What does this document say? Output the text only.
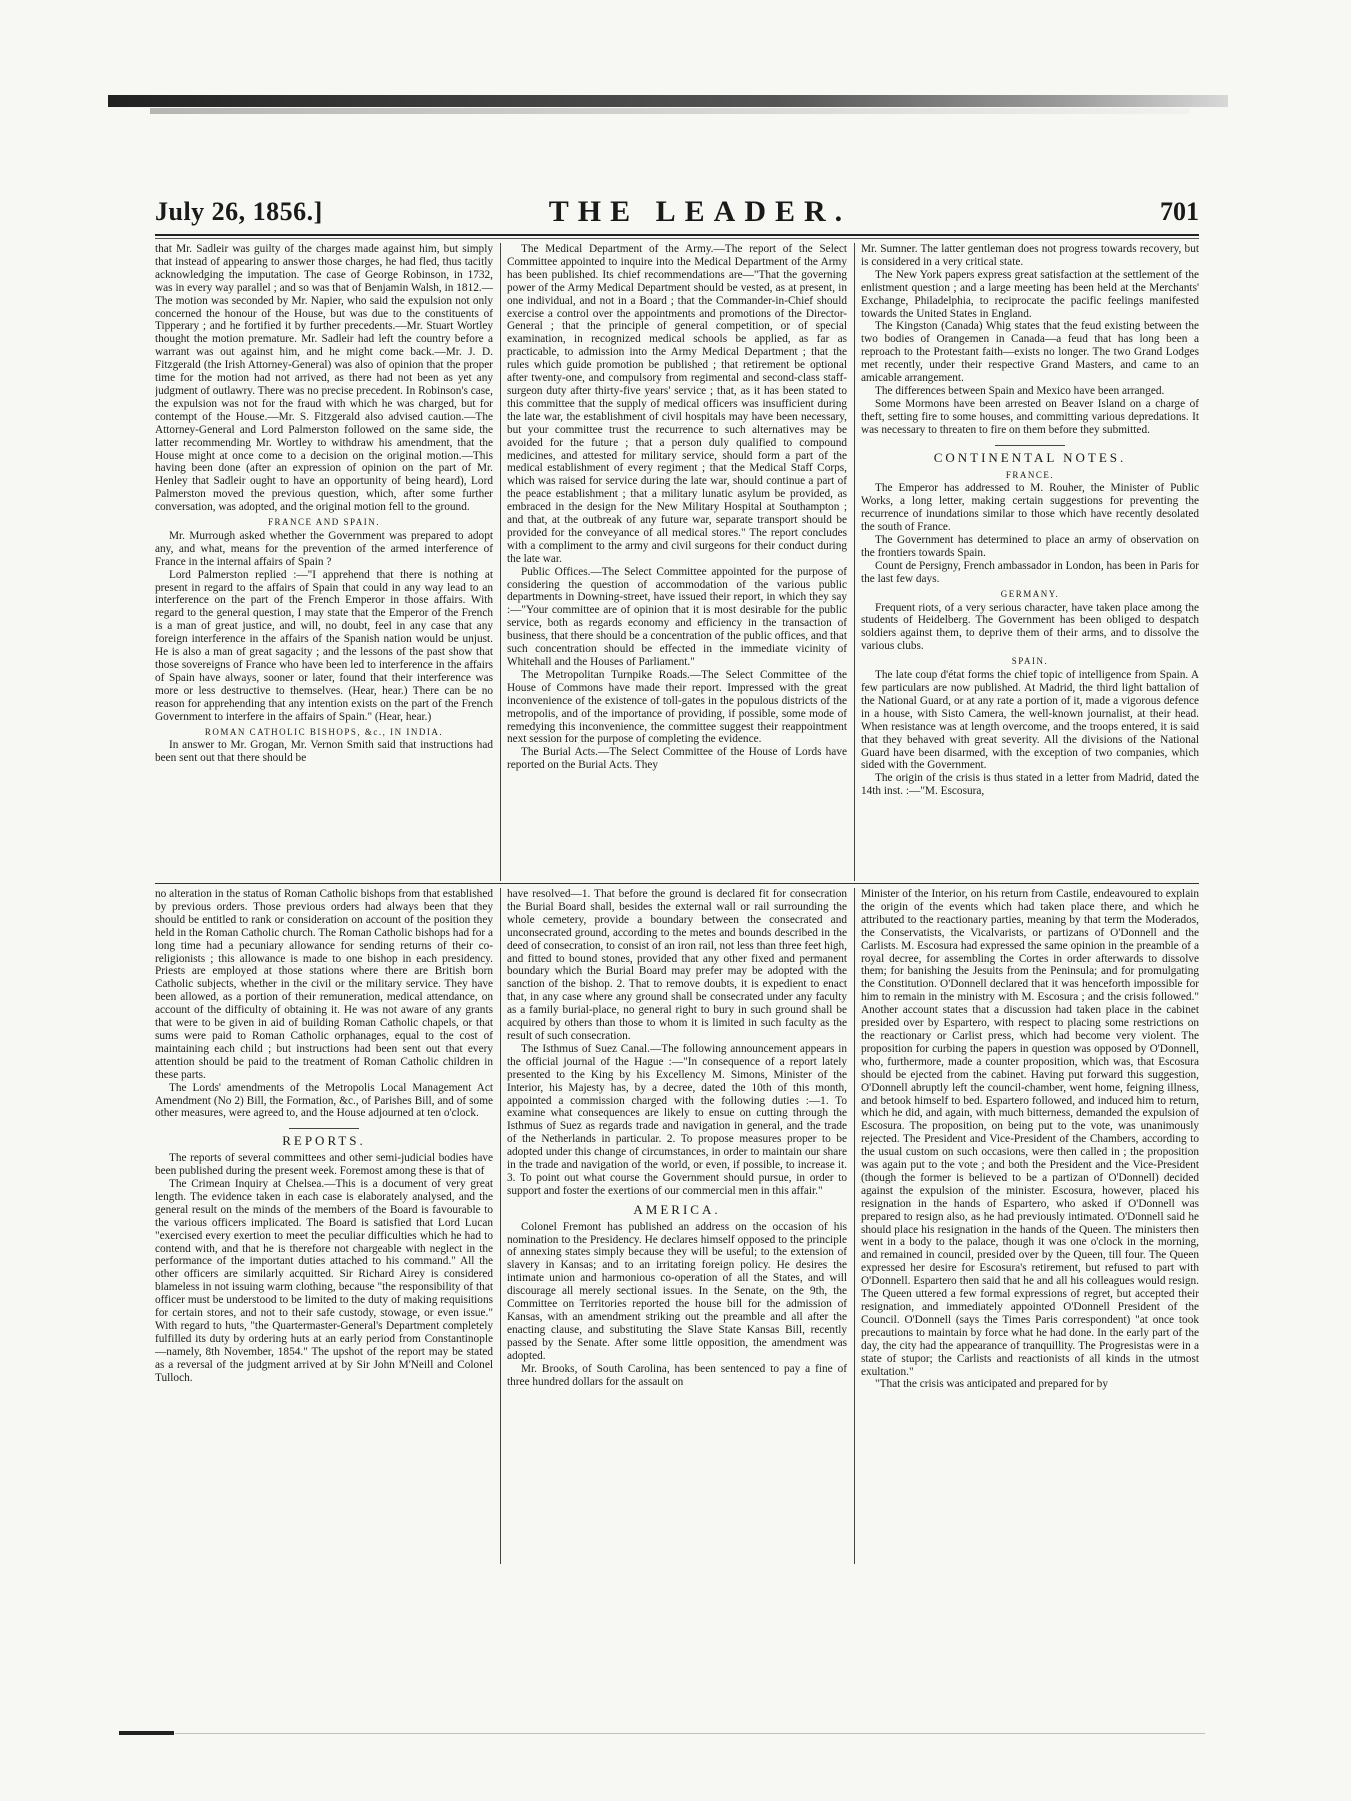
July 26, 1856.]	THE LEADER.	701

that Mr. Sadleir was guilty of the charges made against him, but simply that instead of appearing to answer those charges, he had fled, thus tacitly acknowledging the imputation. The case of George Robinson, in 1732, was in every way parallel ; and so was that of Benjamin Walsh, in 1812.—The motion was seconded by Mr. Napier, who said the expulsion not only concerned the honour of the House, but was due to the constituents of Tipperary ; and he fortified it by further precedents.—Mr. Stuart Wortley thought the motion premature. Mr. Sadleir had left the country before a warrant was out against him, and he might come back.—Mr. J. D. Fitzgerald (the Irish Attorney-General) was also of opinion that the proper time for the motion had not arrived, as there had not been as yet any judgment of outlawry. There was no precise precedent. In Robinson's case, the expulsion was not for the fraud with which he was charged, but for contempt of the House.—Mr. S. Fitzgerald also advised caution.—The Attorney-General and Lord Palmerston followed on the same side, the latter recommending Mr. Wortley to withdraw his amendment, that the House might at once come to a decision on the original motion.—This having been done (after an expression of opinion on the part of Mr. Henley that Sadleir ought to have an opportunity of being heard), Lord Palmerston moved the previous question, which, after some further conversation, was adopted, and the original motion fell to the ground.

FRANCE AND SPAIN.

Mr. Murrough asked whether the Government was prepared to adopt any, and what, means for the prevention of the armed interference of France in the internal affairs of Spain ?

Lord Palmerston replied :—"I apprehend that there is nothing at present in regard to the affairs of Spain that could in any way lead to an interference on the part of the French Emperor in those affairs. With regard to the general question, I may state that the Emperor of the French is a man of great justice, and will, no doubt, feel in any case that any foreign interference in the affairs of the Spanish nation would be unjust. He is also a man of great sagacity ; and the lessons of the past show that those sovereigns of France who have been led to interference in the affairs of Spain have always, sooner or later, found that their interference was more or less destructive to themselves. (Hear, hear.) There can be no reason for apprehending that any intention exists on the part of the French Government to interfere in the affairs of Spain." (Hear, hear.)

ROMAN CATHOLIC BISHOPS, &c., IN INDIA.

In answer to Mr. Grogan, Mr. Vernon Smith said that instructions had been sent out that there should be

The Medical Department of the Army.—The report of the Select Committee appointed to inquire into the Medical Department of the Army has been published. Its chief recommendations are—"That the governing power of the Army Medical Department should be vested, as at present, in one individual, and not in a Board ; that the Commander-in-Chief should exercise a control over the appointments and promotions of the Director-General ; that the principle of general competition, or of special examination, in recognized medical schools be applied, as far as practicable, to admission into the Army Medical Department ; that the rules which guide promotion be published ; that retirement be optional after twenty-one, and compulsory from regimental and second-class staff-surgeon duty after thirty-five years' service ; that, as it has been stated to this committee that the supply of medical officers was insufficient during the late war, the establishment of civil hospitals may have been necessary, but your committee trust the recurrence to such alternatives may be avoided for the future ; that a person duly qualified to compound medicines, and attested for military service, should form a part of the medical establishment of every regiment ; that the Medical Staff Corps, which was raised for service during the late war, should continue a part of the peace establishment ; that a military lunatic asylum be provided, as embraced in the design for the New Military Hospital at Southampton ; and that, at the outbreak of any future war, separate transport should be provided for the conveyance of all medical stores." The report concludes with a compliment to the army and civil surgeons for their conduct during the late war.

Public Offices.—The Select Committee appointed for the purpose of considering the question of accommodation of the various public departments in Downing-street, have issued their report, in which they say :—"Your committee are of opinion that it is most desirable for the public service, both as regards economy and efficiency in the transaction of business, that there should be a concentration of the public offices, and that such concentration should be effected in the immediate vicinity of Whitehall and the Houses of Parliament."

The Metropolitan Turnpike Roads.—The Select Committee of the House of Commons have made their report. Impressed with the great inconvenience of the existence of toll-gates in the populous districts of the metropolis, and of the importance of providing, if possible, some mode of remedying this inconvenience, the committee suggest their reappointment next session for the purpose of completing the evidence.

The Burial Acts.—The Select Committee of the House of Lords have reported on the Burial Acts. They

Mr. Sumner. The latter gentleman does not progress towards recovery, but is considered in a very critical state.

The New York papers express great satisfaction at the settlement of the enlistment question ; and a large meeting has been held at the Merchants' Exchange, Philadelphia, to reciprocate the pacific feelings manifested towards the United States in England.

The Kingston (Canada) Whig states that the feud existing between the two bodies of Orangemen in Canada—a feud that has long been a reproach to the Protestant faith—exists no longer. The two Grand Lodges met recently, under their respective Grand Masters, and came to an amicable arrangement.

The differences between Spain and Mexico have been arranged.

Some Mormons have been arrested on Beaver Island on a charge of theft, setting fire to some houses, and committing various depredations. It was necessary to threaten to fire on them before they submitted.

CONTINENTAL NOTES.
FRANCE.

The Emperor has addressed to M. Rouher, the Minister of Public Works, a long letter, making certain suggestions for preventing the recurrence of inundations similar to those which have recently desolated the south of France.

The Government has determined to place an army of observation on the frontiers towards Spain.

Count de Persigny, French ambassador in London, has been in Paris for the last few days.

GERMANY.

Frequent riots, of a very serious character, have taken place among the students of Heidelberg. The Government has been obliged to despatch soldiers against them, to deprive them of their arms, and to dissolve the various clubs.

SPAIN.

The late coup d'état forms the chief topic of intelligence from Spain. A few particulars are now published. At Madrid, the third light battalion of the National Guard, or at any rate a portion of it, made a vigorous defence in a house, with Sisto Camera, the well-known journalist, at their head. When resistance was at length overcome, and the troops entered, it is said that they behaved with great severity. All the divisions of the National Guard have been disarmed, with the exception of two companies, which sided with the Government.

The origin of the crisis is thus stated in a letter from Madrid, dated the 14th inst. :—"M. Escosura,

no alteration in the status of Roman Catholic bishops from that established by previous orders. Those previous orders had always been that they should be entitled to rank or consideration on account of the position they held in the Roman Catholic church. The Roman Catholic bishops had for a long time had a pecuniary allowance for sending returns of their co-religionists ; this allowance is made to one bishop in each presidency. Priests are employed at those stations where there are British born Catholic subjects, whether in the civil or the military service. They have been allowed, as a portion of their remuneration, medical attendance, on account of the difficulty of obtaining it. He was not aware of any grants that were to be given in aid of building Roman Catholic chapels, or that sums were paid to Roman Catholic orphanages, equal to the cost of maintaining each child ; but instructions had been sent out that every attention should be paid to the treatment of Roman Catholic children in these parts.

The Lords' amendments of the Metropolis Local Management Act Amendment (No 2) Bill, the Formation, &c., of Parishes Bill, and of some other measures, were agreed to, and the House adjourned at ten o'clock.

REPORTS.

The reports of several committees and other semi-judicial bodies have been published during the present week. Foremost among these is that of

The Crimean Inquiry at Chelsea.—This is a document of very great length. The evidence taken in each case is elaborately analysed, and the general result on the minds of the members of the Board is favourable to the various officers implicated. The Board is satisfied that Lord Lucan "exercised every exertion to meet the peculiar difficulties which he had to contend with, and that he is therefore not chargeable with neglect in the performance of the important duties attached to his command." All the other officers are similarly acquitted. Sir Richard Airey is considered blameless in not issuing warm clothing, because "the responsibility of that officer must be understood to be limited to the duty of making requisitions for certain stores, and not to their safe custody, stowage, or even issue." With regard to huts, "the Quartermaster-General's Department completely fulfilled its duty by ordering huts at an early period from Constantinople—namely, 8th November, 1854." The upshot of the report may be stated as a reversal of the judgment arrived at by Sir John M'Neill and Colonel Tulloch.

have resolved—1. That before the ground is declared fit for consecration the Burial Board shall, besides the external wall or rail surrounding the whole cemetery, provide a boundary between the consecrated and unconsecrated ground, according to the metes and bounds described in the deed of consecration, to consist of an iron rail, not less than three feet high, and fitted to bound stones, provided that any other fixed and permanent boundary which the Burial Board may prefer may be adopted with the sanction of the bishop. 2. That to remove doubts, it is expedient to enact that, in any case where any ground shall be consecrated under any faculty as a family burial-place, no general right to bury in such ground shall be acquired by others than those to whom it is limited in such faculty as the result of such consecration.

The Isthmus of Suez Canal.—The following announcement appears in the official journal of the Hague :—"In consequence of a report lately presented to the King by his Excellency M. Simons, Minister of the Interior, his Majesty has, by a decree, dated the 10th of this month, appointed a commission charged with the following duties :—1. To examine what consequences are likely to ensue on cutting through the Isthmus of Suez as regards trade and navigation in general, and the trade of the Netherlands in particular. 2. To propose measures proper to be adopted under this change of circumstances, in order to maintain our share in the trade and navigation of the world, or even, if possible, to increase it. 3. To point out what course the Government should pursue, in order to support and foster the exertions of our commercial men in this affair."

AMERICA.

Colonel Fremont has published an address on the occasion of his nomination to the Presidency. He declares himself opposed to the principle of annexing states simply because they will be useful; to the extension of slavery in Kansas; and to an irritating foreign policy. He desires the intimate union and harmonious co-operation of all the States, and will discourage all merely sectional issues. In the Senate, on the 9th, the Committee on Territories reported the house bill for the admission of Kansas, with an amendment striking out the preamble and all after the enacting clause, and substituting the Slave State Kansas Bill, recently passed by the Senate. After some little opposition, the amendment was adopted.

Mr. Brooks, of South Carolina, has been sentenced to pay a fine of three hundred dollars for the assault on

Minister of the Interior, on his return from Castile, endeavoured to explain the origin of the events which had taken place there, and which he attributed to the reactionary parties, meaning by that term the Moderados, the Conservatists, the Vicalvarists, or partizans of O'Donnell and the Carlists. M. Escosura had expressed the same opinion in the preamble of a royal decree, for assembling the Cortes in order afterwards to dissolve them; for banishing the Jesuits from the Peninsula; and for promulgating the Constitution. O'Donnell declared that it was henceforth impossible for him to remain in the ministry with M. Escosura ; and the crisis followed." Another account states that a discussion had taken place in the cabinet presided over by Espartero, with respect to placing some restrictions on the reactionary or Carlist press, which had become very violent. The proposition for curbing the papers in question was opposed by O'Donnell, who, furthermore, made a counter proposition, which was, that Escosura should be ejected from the cabinet. Having put forward this suggestion, O'Donnell abruptly left the council-chamber, went home, feigning illness, and betook himself to bed. Espartero followed, and induced him to return, which he did, and again, with much bitterness, demanded the expulsion of Escosura. The proposition, on being put to the vote, was unanimously rejected. The President and Vice-President of the Chambers, according to the usual custom on such occasions, were then called in ; the proposition was again put to the vote ; and both the President and the Vice-President (though the former is believed to be a partizan of O'Donnell) decided against the expulsion of the minister. Escosura, however, placed his resignation in the hands of Espartero, who asked if O'Donnell was prepared to resign also, as he had previously intimated. O'Donnell said he should place his resignation in the hands of the Queen. The ministers then went in a body to the palace, though it was one o'clock in the morning, and remained in council, presided over by the Queen, till four. The Queen expressed her desire for Escosura's retirement, but refused to part with O'Donnell. Espartero then said that he and all his colleagues would resign. The Queen uttered a few formal expressions of regret, but accepted their resignation, and immediately appointed O'Donnell President of the Council. O'Donnell (says the Times Paris correspondent) "at once took precautions to maintain by force what he had done. In the early part of the day, the city had the appearance of tranquillity. The Progresistas were in a state of stupor; the Carlists and reactionists of all kinds in the utmost exultation."

"That the crisis was anticipated and prepared for by
